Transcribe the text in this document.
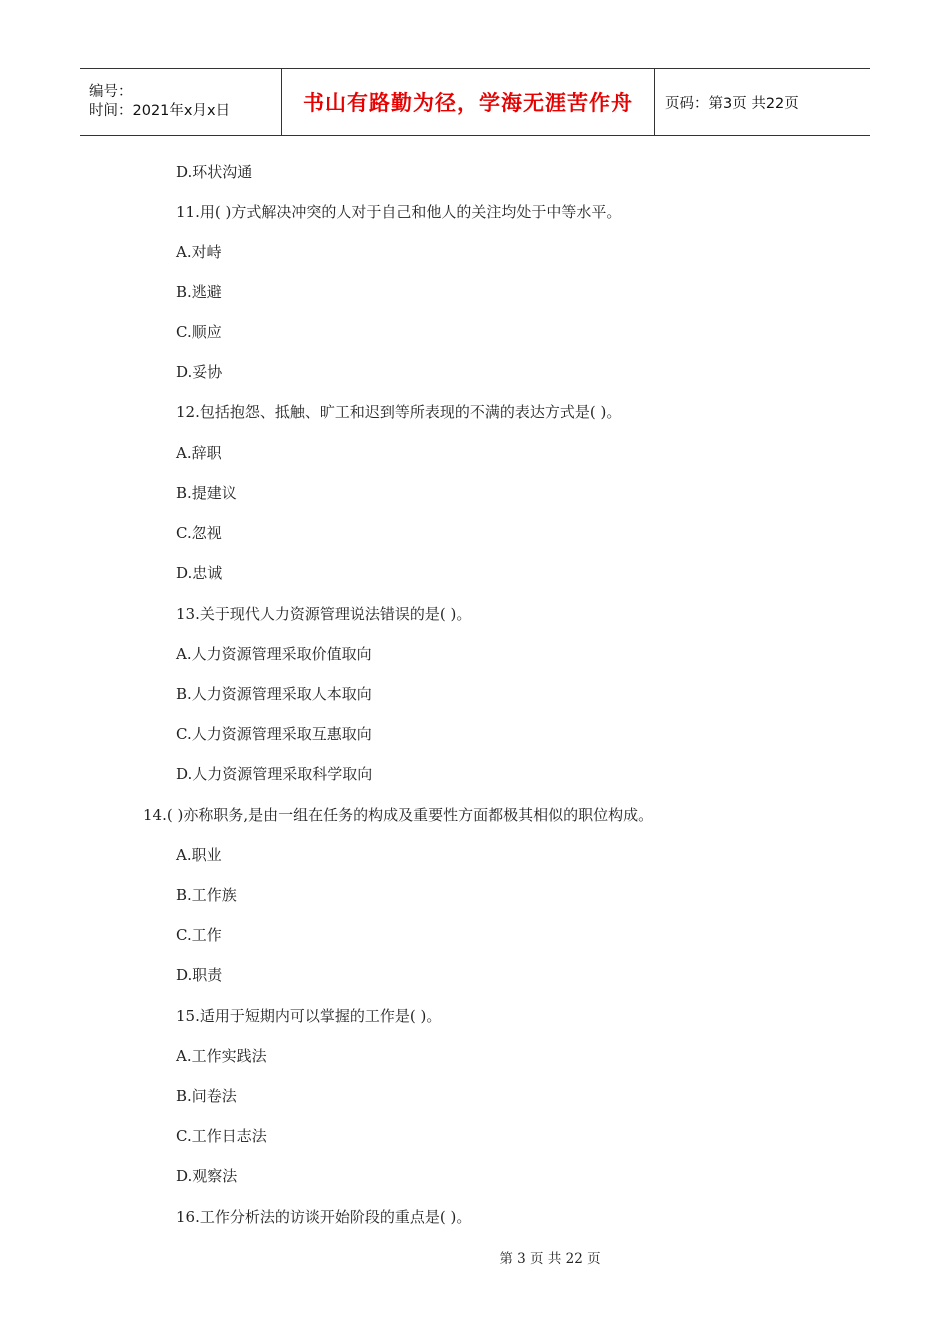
编号：
时间：2021年x月x日	书山有路勤为径，学海无涯苦作舟 页码：第3页 共22页
D.环状沟通
11.用( )方式解决冲突的人对于自己和他人的关注均处于中等水平。
A.对峙
B.逃避
C.顺应
D.妥协
12.包括抱怨、抵触、旷工和迟到等所表现的不满的表达方式是( )。
A.辞职
B.提建议
C.忽视
D.忠诚
13.关于现代人力资源管理说法错误的是( )。
A.人力资源管理采取价值取向
B.人力资源管理采取人本取向
C.人力资源管理采取互惠取向
D.人力资源管理采取科学取向
14.( )亦称职务,是由一组在任务的构成及重要性方面都极其相似的职位构成。
A.职业
B.工作族
C.工作
D.职责
15.适用于短期内可以掌握的工作是( )。
A.工作实践法
B.问卷法
C.工作日志法
D.观察法
16.工作分析法的访谈开始阶段的重点是( )。
第 3 页 共 22 页
